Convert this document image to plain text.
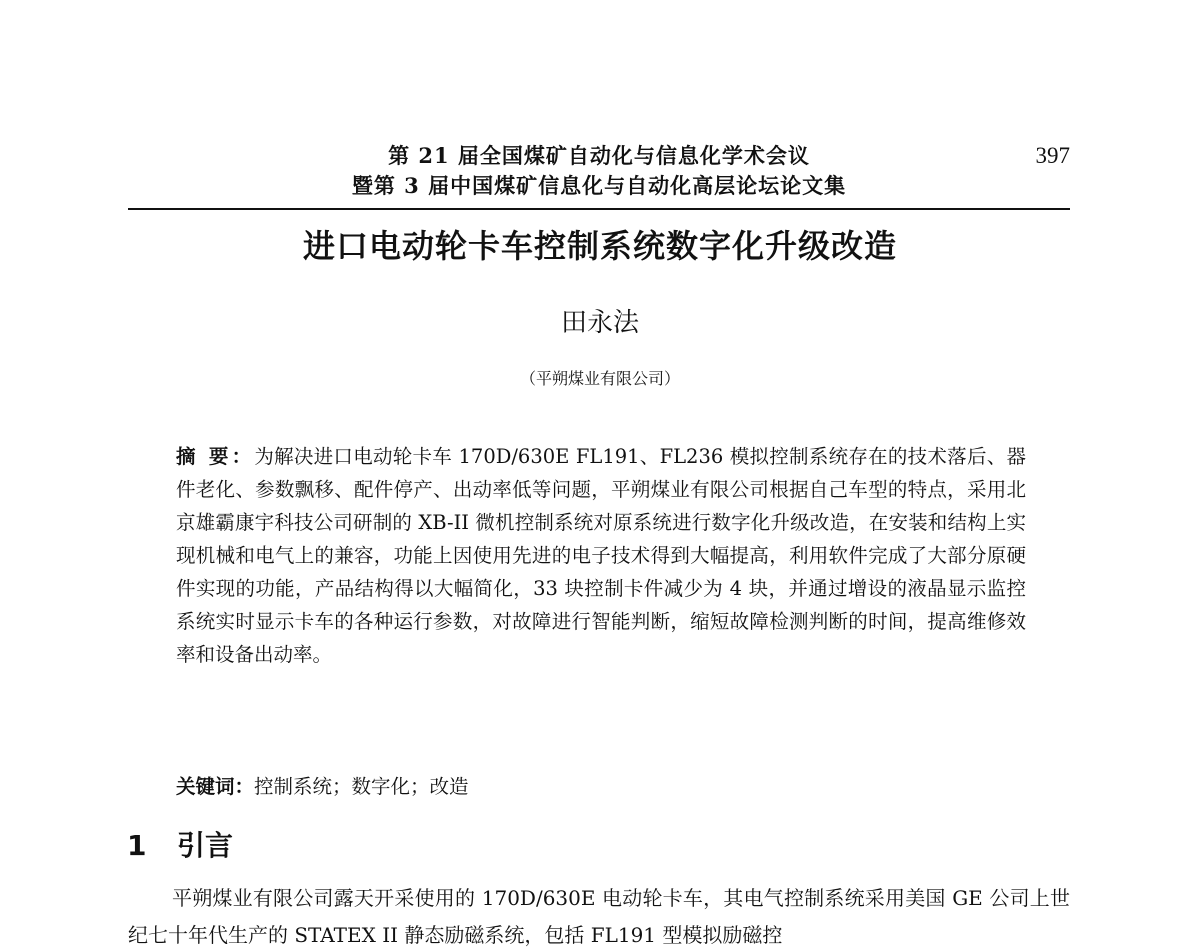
第 21 届全国煤矿自动化与信息化学术会议
暨第 3 届中国煤矿信息化与自动化高层论坛论文集
397
进口电动轮卡车控制系统数字化升级改造
田永法
（平朔煤业有限公司）
摘 要：为解决进口电动轮卡车 170D/630E FL191、FL236 模拟控制系统存在的技术落后、器件老化、参数飘移、配件停产、出动率低等问题，平朔煤业有限公司根据自己车型的特点，采用北京雄霸康宇科技公司研制的 XB-II 微机控制系统对原系统进行数字化升级改造，在安装和结构上实现机械和电气上的兼容，功能上因使用先进的电子技术得到大幅提高，利用软件完成了大部分原硬件实现的功能，产品结构得以大幅简化，33 块控制卡件减少为 4 块，并通过增设的液晶显示监控系统实时显示卡车的各种运行参数，对故障进行智能判断，缩短故障检测判断的时间，提高维修效率和设备出动率。
关键词：控制系统；数字化；改造
1 引言
平朔煤业有限公司露天开采使用的 170D/630E 电动轮卡车，其电气控制系统采用美国 GE 公司上世纪七十年代生产的 STATEX II 静态励磁系统，包括 FL191 型模拟励磁控
